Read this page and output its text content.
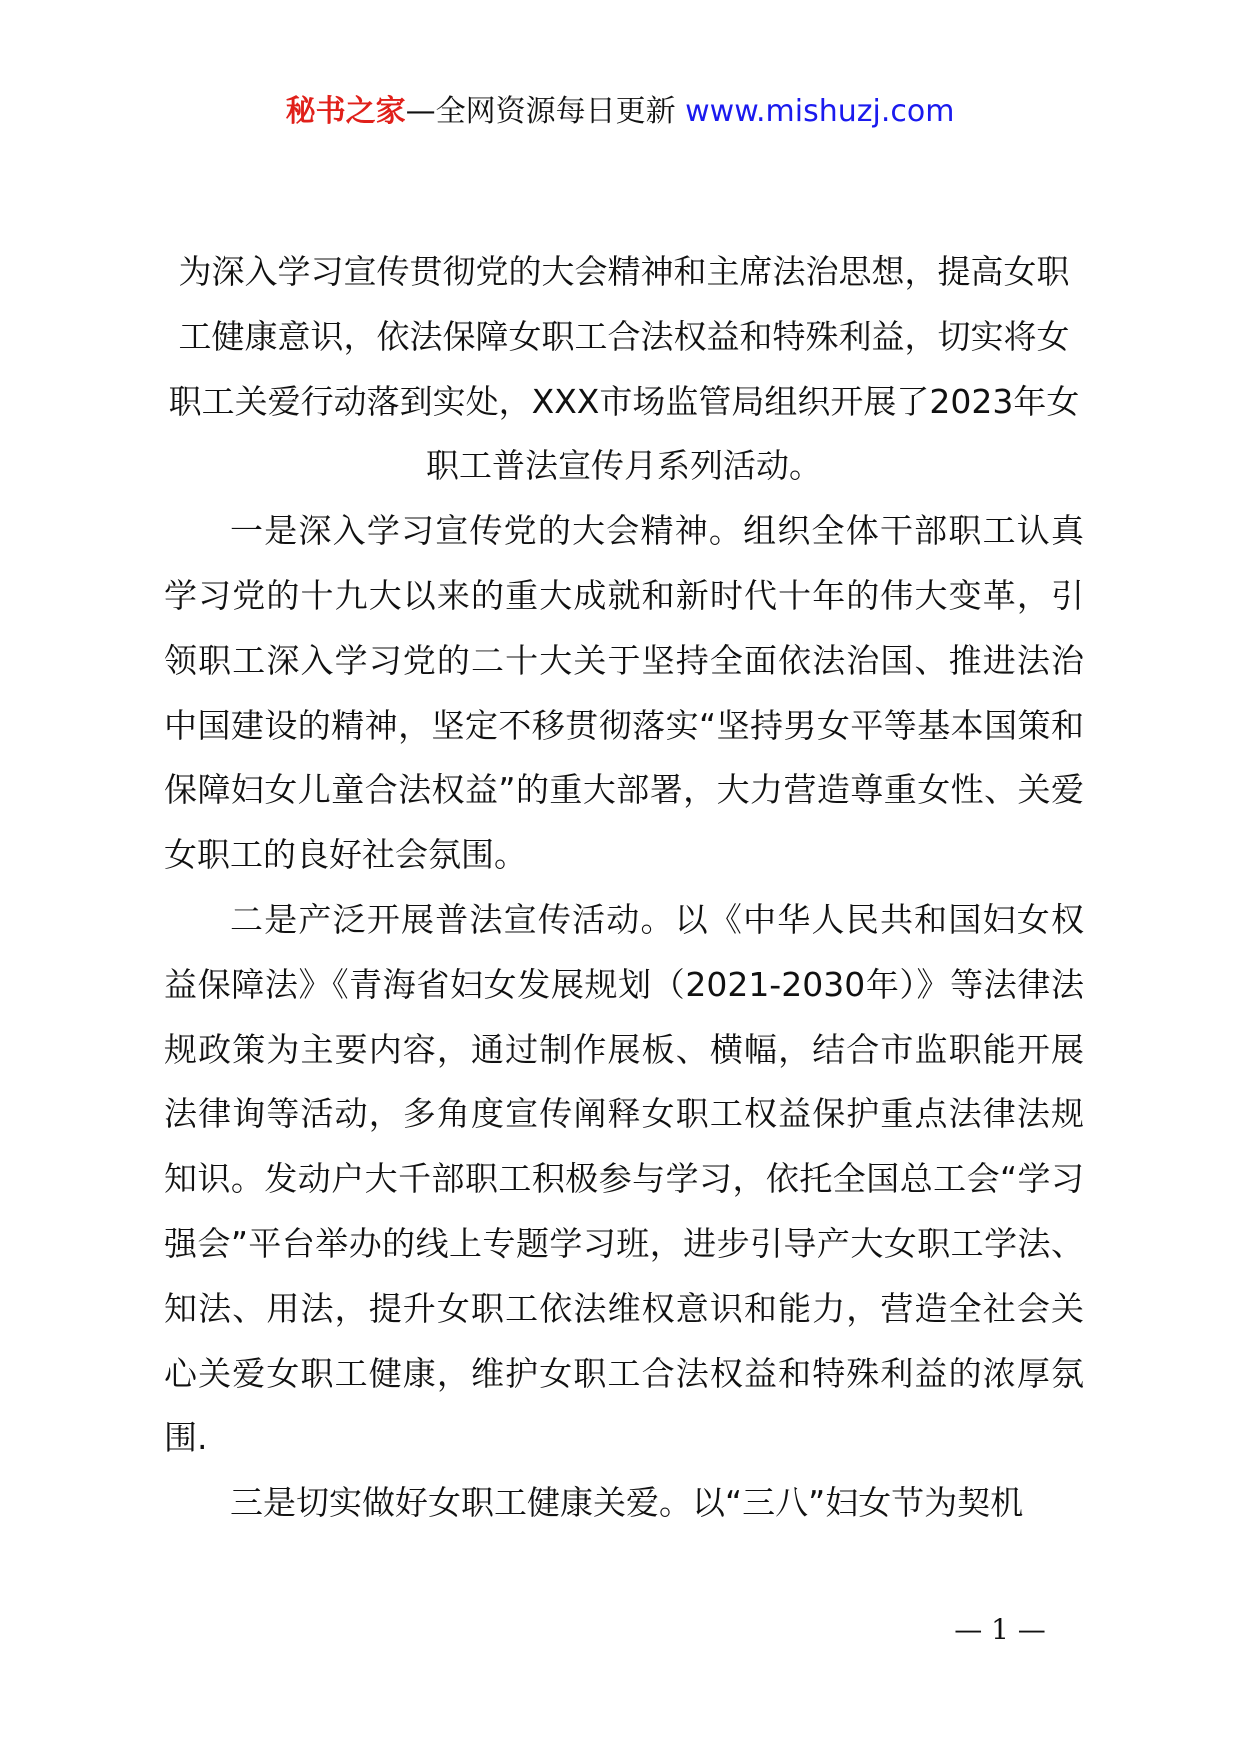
秘书之家—全网资源每日更新 www.mishuzj.com

为深入学习宣传贯彻党的大会精神和主席法治思想，提高女职工健康意识，依法保障女职工合法权益和特殊利益，切实将女职工关爱行动落到实处，XXX市场监管局组织开展了2023年女职工普法宣传月系列活动。

一是深入学习宣传党的大会精神。组织全体干部职工认真学习党的十九大以来的重大成就和新时代十年的伟大变革，引领职工深入学习党的二十大关于坚持全面依法治国、推进法治中国建设的精神，坚定不移贯彻落实“坚持男女平等基本国策和保障妇女儿童合法权益”的重大部署，大力营造尊重女性、关爱女职工的良好社会氛围。

二是产泛开展普法宣传活动。以《中华人民共和国妇女权益保障法》《青海省妇女发展规划（2021-2030年）》等法律法规政策为主要内容，通过制作展板、横幅，结合市监职能开展法律询等活动，多角度宣传阐释女职工权益保护重点法律法规知识。发动户大千部职工积极参与学习，依托全国总工会“学习强会”平台举办的线上专题学习班，进步引导产大女职工学法、知法、用法，提升女职工依法维权意识和能力，营造全社会关心关爱女职工健康，维护女职工合法权益和特殊利益的浓厚氛围.

三是切实做好女职工健康关爱。以“三八”妇女节为契机

— 1 —
